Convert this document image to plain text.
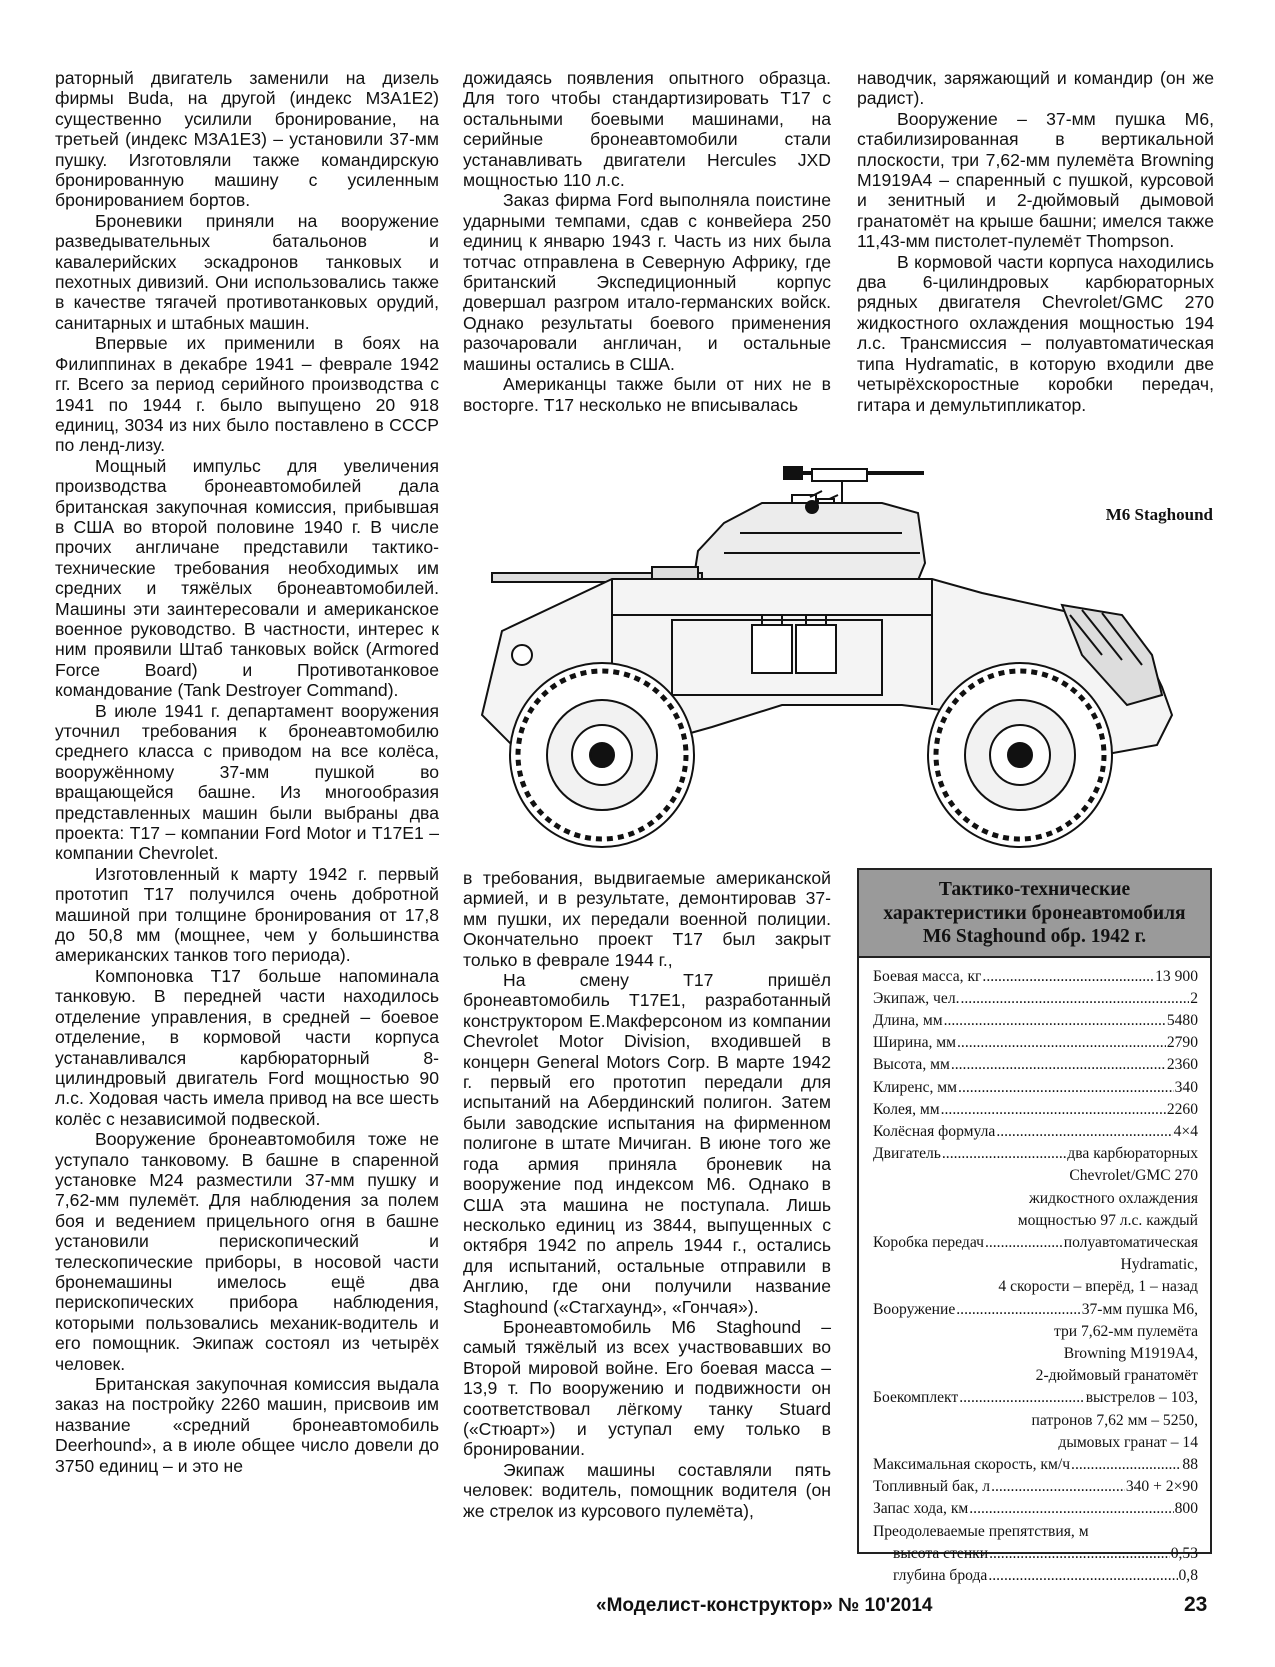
раторный двигатель заменили на дизель фирмы Buda, на другой (индекс M3A1E2) существенно усилили бронирование, на третьей (индекс M3A1E3) – установили 37-мм пушку. Изготовляли также командирскую бронированную машину с усиленным бронированием бортов.

Броневики приняли на вооружение разведывательных батальонов и кавалерийских эскадронов танковых и пехотных дивизий. Они использовались также в качестве тягачей противотанковых орудий, санитарных и штабных машин.

Впервые их применили в боях на Филиппинах в декабре 1941 – феврале 1942 гг. Всего за период серийного производства с 1941 по 1944 г. было выпущено 20 918 единиц, 3034 из них было поставлено в СССР по ленд-лизу.

Мощный импульс для увеличения производства бронеавтомобилей дала британская закупочная комиссия, прибывшая в США во второй половине 1940 г. В числе прочих англичане представили тактико-технические требования необходимых им средних и тяжёлых бронеавтомобилей. Машины эти заинтересовали и американское военное руководство. В частности, интерес к ним проявили Штаб танковых войск (Armored Force Board) и Противотанковое командование (Tank Destroyer Command).

В июле 1941 г. департамент вооружения уточнил требования к бронеавтомобилю среднего класса с приводом на все колёса, вооружённому 37-мм пушкой во вращающейся башне. Из многообразия представленных машин были выбраны два проекта: T17 – компании Ford Motor и T17E1 – компании Chevrolet.

Изготовленный к марту 1942 г. первый прототип T17 получился очень добротной машиной при толщине бронирования от 17,8 до 50,8 мм (мощнее, чем у большинства американских танков того периода).

Компоновка T17 больше напоминала танковую. В передней части находилось отделение управления, в средней – боевое отделение, в кормовой части корпуса устанавливался карбюраторный 8-цилиндровый двигатель Ford мощностью 90 л.с. Ходовая часть имела привод на все шесть колёс с независимой подвеской.

Вооружение бронеавтомобиля тоже не уступало танковому. В башне в спаренной установке M24 разместили 37-мм пушку и 7,62-мм пулемёт. Для наблюдения за полем боя и ведением прицельного огня в башне установили перископический и телескопические приборы, в носовой части бронемашины имелось ещё два перископических прибора наблюдения, которыми пользовались механик-водитель и его помощник. Экипаж состоял из четырёх человек.

Британская закупочная комиссия выдала заказ на постройку 2260 машин, присвоив им название «средний бронеавтомобиль Deerhound», а в июле общее число довели до 3750 единиц – и это не

дожидаясь появления опытного образца. Для того чтобы стандартизировать T17 с остальными боевыми машинами, на серийные бронеавтомобили стали устанавливать двигатели Hercules JXD мощностью 110 л.с.

Заказ фирма Ford выполняла поистине ударными темпами, сдав с конвейера 250 единиц к январю 1943 г. Часть из них была тотчас отправлена в Северную Африку, где британский Экспедиционный корпус довершал разгром итало-германских войск. Однако результаты боевого применения разочаровали англичан, и остальные машины остались в США.

Американцы также были от них не в восторге. T17 несколько не вписывалась

наводчик, заряжающий и командир (он же радист).

Вооружение – 37-мм пушка M6, стабилизированная в вертикальной плоскости, три 7,62-мм пулемёта Browning M1919A4 – спаренный с пушкой, курсовой и зенитный и 2-дюймовый дымовой гранатомёт на крыше башни; имелся также 11,43-мм пистолет-пулемёт Thompson.

В кормовой части корпуса находились два 6-цилиндровых карбюраторных рядных двигателя Chevrolet/GMC 270 жидкостного охлаждения мощностью 194 л.с. Трансмиссия – полуавтоматическая типа Hydramatic, в которую входили две четырёхскоростные коробки передач, гитара и демультипликатор.

в требования, выдвигаемые американской армией, и в результате, демонтировав 37-мм пушки, их передали военной полиции. Окончательно проект T17 был закрыт только в феврале 1944 г.,

На смену T17 пришёл бронеавтомобиль T17E1, разработанный конструктором Е.Макферсоном из компании Chevrolet Motor Division, входившей в концерн General Motors Corp. В марте 1942 г. первый его прототип передали для испытаний на Абердинский полигон. Затем были заводские испытания на фирменном полигоне в штате Мичиган. В июне того же года армия приняла броневик на вооружение под индексом M6. Однако в США эта машина не поступала. Лишь несколько единиц из 3844, выпущенных с октября 1942 по апрель 1944 г., остались для испытаний, остальные отправили в Англию, где они получили название Staghound («Стагхаунд», «Гончая»).

Бронеавтомобиль M6 Staghound – самый тяжёлый из всех участвовавших во Второй мировой войне. Его боевая масса – 13,9 т. По вооружению и подвижности он соответствовал лёгкому танку Stuard («Стюарт») и уступал ему только в бронировании.

Экипаж машины составляли пять человек: водитель, помощник водителя (он же стрелок из курсового пулемёта),

M6 Staghound
Тактико-технические
характеристики бронеавтомобиля
M6 Staghound обр. 1942 г.
Боевая масса, кг .....	13 900
Экипаж, чел. .....	2
Длина, мм .....	5480
Ширина, мм .....	2790
Высота, мм .....	2360
Клиренс, мм .....	340
Колея, мм .....	2260
Колёсная формула .....	4×4
Двигатель .....	два карбюраторных
Chevrolet/GMC 270
жидкостного охлаждения
мощностью 97 л.с. каждый
Коробка передач .....	полуавтоматическая
Hydramatic,
4 скорости – вперёд, 1 – назад
Вооружение .....	37-мм пушка M6,
три 7,62-мм пулемёта
Browning M1919A4,
2-дюймовый гранатомёт
Боекомплект .....	выстрелов – 103,
патронов 7,62 мм – 5250,
дымовых гранат – 14
Максимальная скорость, км/ч .....	88
Топливный бак, л .....	340 + 2×90
Запас хода, км .....	800
Преодолеваемые препятствия, м
высота стенки .....	0,53
глубина брода .....	0,8
«Моделист-конструктор» № 10'2014	23
